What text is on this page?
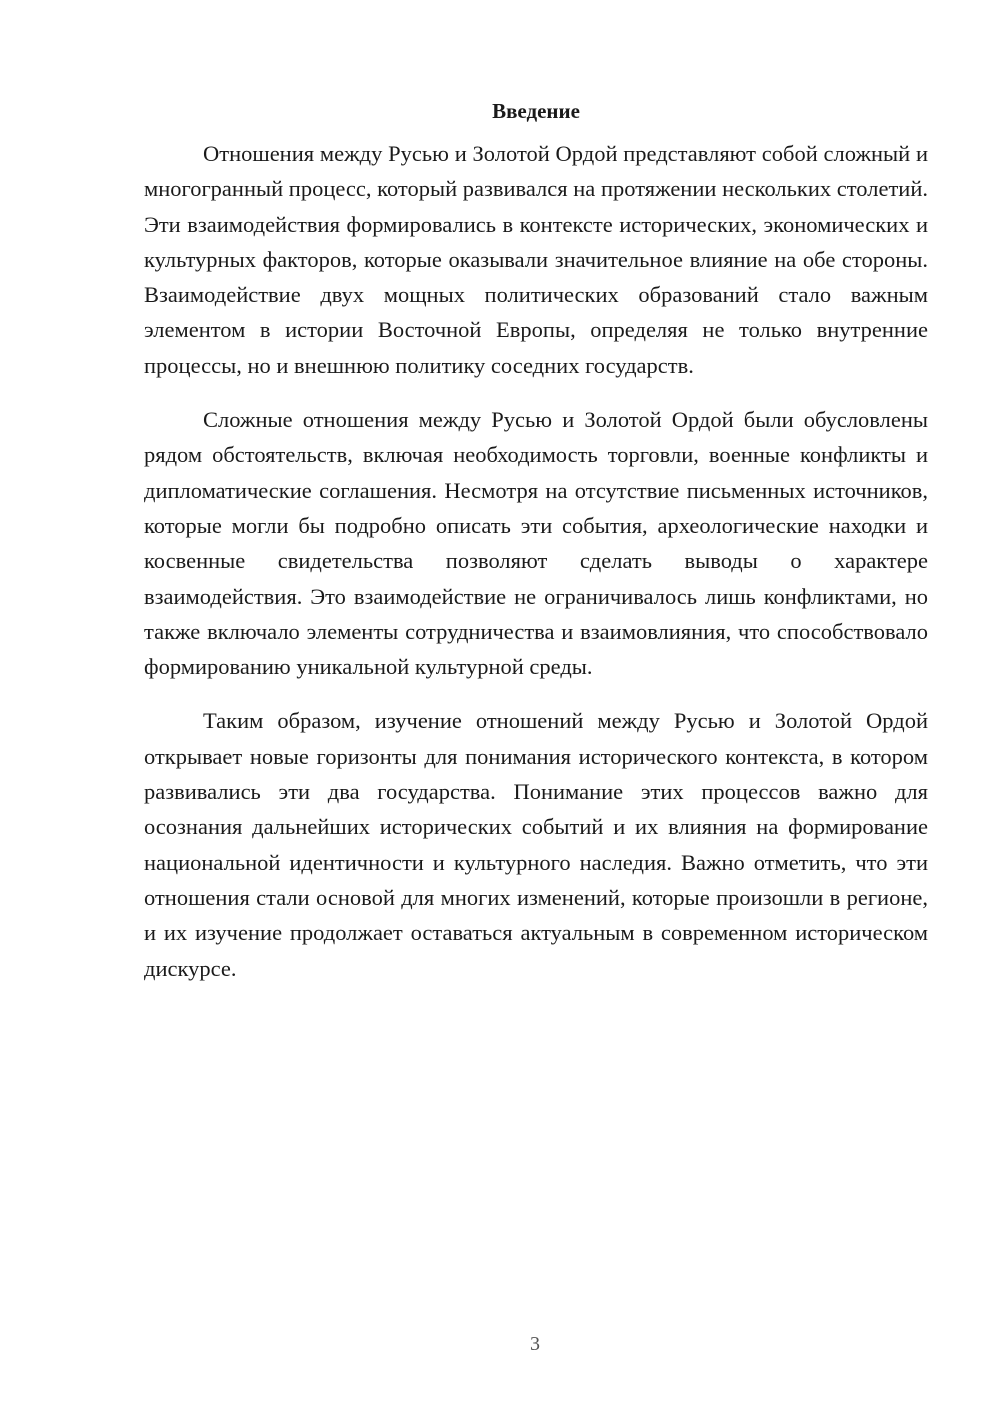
Введение

Отношения между Русью и Золотой Ордой представляют собой сложный и многогранный процесс, который развивался на протяжении нескольких столетий. Эти взаимодействия формировались в контексте исторических, экономических и культурных факторов, которые оказывали значительное влияние на обе стороны. Взаимодействие двух мощных политических образований стало важным элементом в истории Восточной Европы, определяя не только внутренние процессы, но и внешнюю политику соседних государств.

Сложные отношения между Русью и Золотой Ордой были обусловлены рядом обстоятельств, включая необходимость торговли, военные конфликты и дипломатические соглашения. Несмотря на отсутствие письменных источников, которые могли бы подробно описать эти события, археологические находки и косвенные свидетельства позволяют сделать выводы о характере взаимодействия. Это взаимодействие не ограничивалось лишь конфликтами, но также включало элементы сотрудничества и взаимовлияния, что способствовало формированию уникальной культурной среды.

Таким образом, изучение отношений между Русью и Золотой Ордой открывает новые горизонты для понимания исторического контекста, в котором развивались эти два государства. Понимание этих процессов важно для осознания дальнейших исторических событий и их влияния на формирование национальной идентичности и культурного наследия. Важно отметить, что эти отношения стали основой для многих изменений, которые произошли в регионе, и их изучение продолжает оставаться актуальным в современном историческом дискурсе.

3
